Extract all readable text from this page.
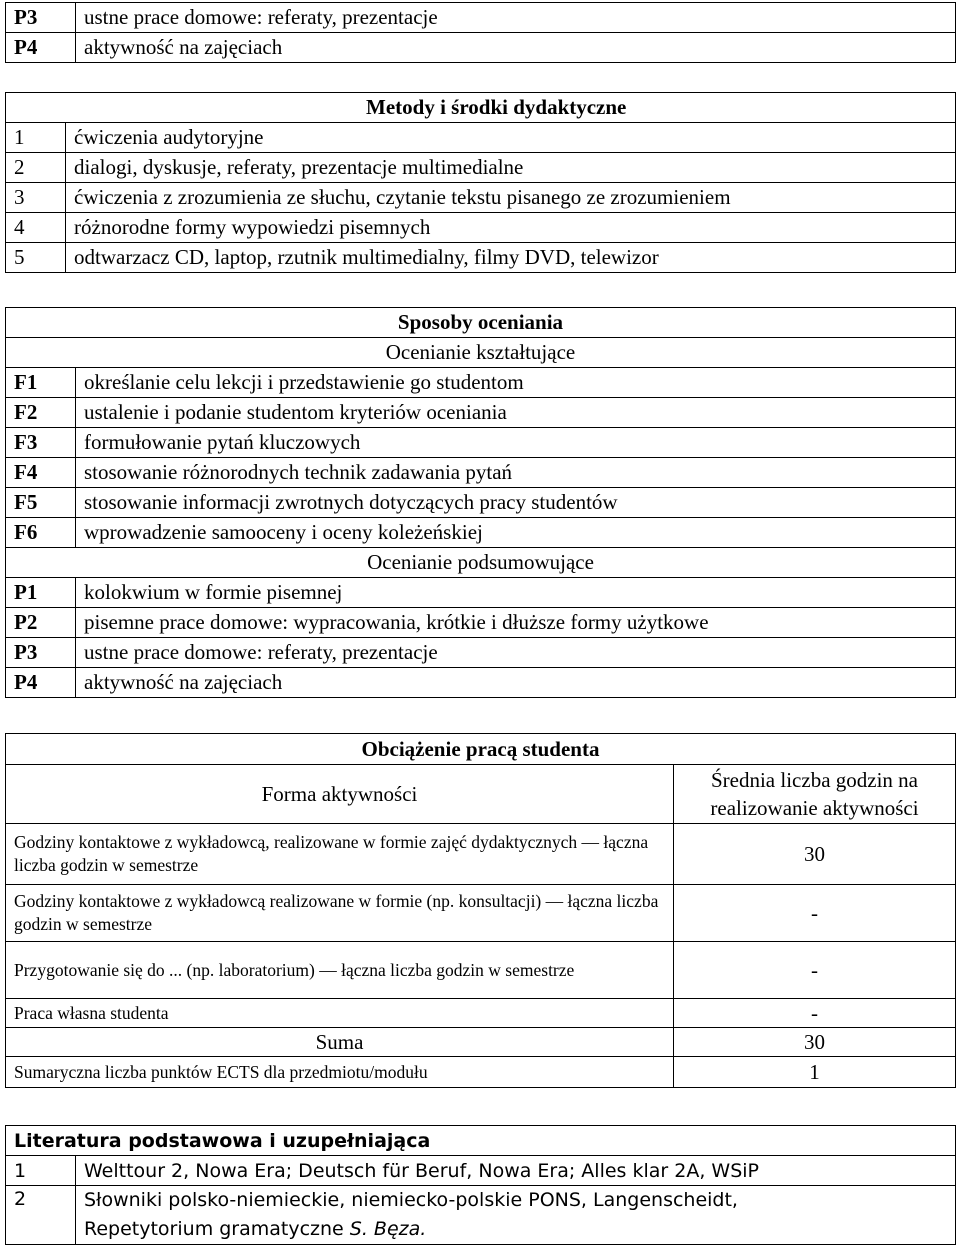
P3	ustne prace domowe: referaty, prezentacje
P4	aktywność na zajęciach
Metody i środki dydaktyczne	
1	ćwiczenia audytoryjne
2	dialogi, dyskusje, referaty, prezentacje multimedialne
3	ćwiczenia z zrozumienia ze słuchu, czytanie tekstu pisanego ze zrozumieniem
4	różnorodne formy wypowiedzi pisemnych
5	odtwarzacz CD, laptop, rzutnik multimedialny, filmy DVD, telewizor
Sposoby oceniania	
Ocenianie kształtujące	
F1	określanie celu lekcji i przedstawienie go studentom
F2	ustalenie i podanie studentom kryteriów oceniania
F3	formułowanie pytań kluczowych
F4	stosowanie różnorodnych technik zadawania pytań
F5	stosowanie informacji zwrotnych dotyczących pracy studentów
F6	wprowadzenie samooceny i oceny koleżeńskiej
Ocenianie podsumowujące	
P1	kolokwium w formie pisemnej
P2	pisemne prace domowe: wypracowania, krótkie i dłuższe formy użytkowe
P3	ustne prace domowe: referaty, prezentacje
P4	aktywność na zajęciach
Obciążenie pracą studenta	
Forma aktywności	Średnia liczba godzin na realizowanie aktywności
Godziny kontaktowe z wykładowcą, realizowane w formie zajęć dydaktycznych — łączna liczba godzin w semestrze	30
Godziny kontaktowe z wykładowcą realizowane w formie (np. konsultacji) — łączna liczba godzin w semestrze	-
Przygotowanie się do ... (np. laboratorium) — łączna liczba godzin w semestrze	-
Praca własna studenta	-
Suma	30
Sumaryczna liczba punktów ECTS dla przedmiotu/modułu	1
Literatura podstawowa i uzupełniająca	
1	Welttour 2, Nowa Era; Deutsch für Beruf, Nowa Era; Alles klar 2A, WSiP
2	Słowniki polsko-niemieckie, niemiecko-polskie PONS, Langenscheidt,
Repetytorium gramatyczne S. Bęza.
